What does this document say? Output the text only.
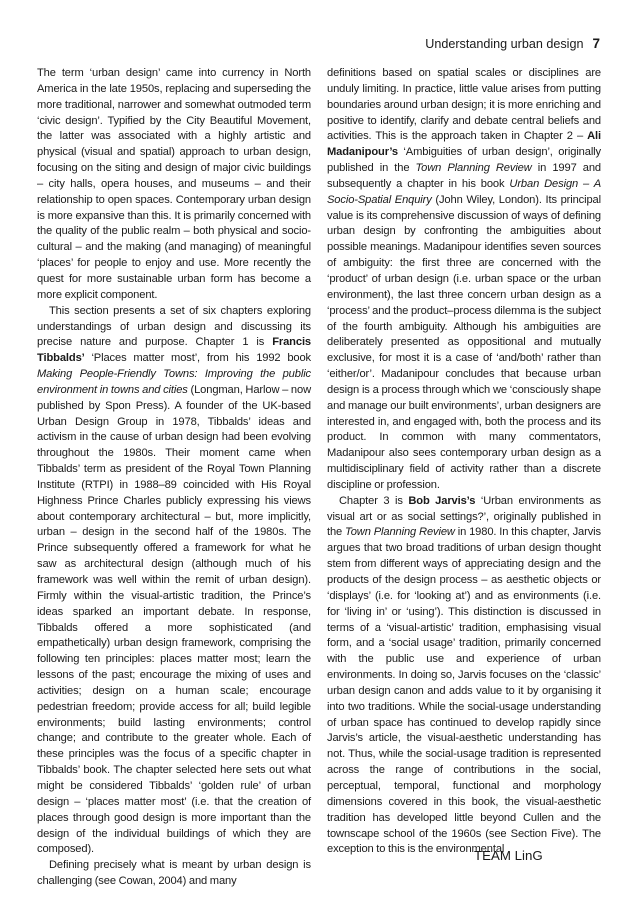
Understanding urban design 7

The term ‘urban design’ came into currency in North America in the late 1950s, replacing and superseding the more traditional, narrower and somewhat outmoded term ‘civic design’. Typified by the City Beautiful Movement, the latter was associated with a highly artistic and physical (visual and spatial) approach to urban design, focusing on the siting and design of major civic buildings – city halls, opera houses, and museums – and their relationship to open spaces. Contemporary urban design is more expansive than this. It is primarily concerned with the quality of the public realm – both physical and socio-cultural – and the making (and managing) of meaningful ‘places’ for people to enjoy and use. More recently the quest for more sustainable urban form has become a more explicit component.

This section presents a set of six chapters exploring understandings of urban design and discussing its precise nature and purpose. Chapter 1 is Francis Tibbalds’ ‘Places matter most’, from his 1992 book Making People-Friendly Towns: Improving the public environment in towns and cities (Longman, Harlow – now published by Spon Press). A founder of the UK-based Urban Design Group in 1978, Tibbalds’ ideas and activism in the cause of urban design had been evolving throughout the 1980s. Their moment came when Tibbalds’ term as president of the Royal Town Planning Institute (RTPI) in 1988–89 coincided with His Royal Highness Prince Charles publicly expressing his views about contemporary architectural – but, more implicitly, urban – design in the second half of the 1980s. The Prince subsequently offered a framework for what he saw as architectural design (although much of his framework was well within the remit of urban design). Firmly within the visual-artistic tradition, the Prince’s ideas sparked an important debate. In response, Tibbalds offered a more sophisticated (and empathetically) urban design framework, comprising the following ten principles: places matter most; learn the lessons of the past; encourage the mixing of uses and activities; design on a human scale; encourage pedestrian freedom; provide access for all; build legible environments; build lasting environments; control change; and contribute to the greater whole. Each of these principles was the focus of a specific chapter in Tibbalds’ book. The chapter selected here sets out what might be considered Tibbalds’ ‘golden rule’ of urban design – ‘places matter most’ (i.e. that the creation of places through good design is more important than the design of the individual buildings of which they are composed).

Defining precisely what is meant by urban design is challenging (see Cowan, 2004) and many

definitions based on spatial scales or disciplines are unduly limiting. In practice, little value arises from putting boundaries around urban design; it is more enriching and positive to identify, clarify and debate central beliefs and activities. This is the approach taken in Chapter 2 – Ali Madanipour’s ‘Ambiguities of urban design’, originally published in the Town Planning Review in 1997 and subsequently a chapter in his book Urban Design – A Socio-Spatial Enquiry (John Wiley, London). Its principal value is its comprehensive discussion of ways of defining urban design by confronting the ambiguities about possible meanings. Madanipour identifies seven sources of ambiguity: the first three are concerned with the ‘product’ of urban design (i.e. urban space or the urban environment), the last three concern urban design as a ‘process’ and the product–process dilemma is the subject of the fourth ambiguity. Although his ambiguities are deliberately presented as oppositional and mutually exclusive, for most it is a case of ‘and/both’ rather than ‘either/or’. Madanipour concludes that because urban design is a process through which we ‘consciously shape and manage our built environments’, urban designers are interested in, and engaged with, both the process and its product. In common with many commentators, Madanipour also sees contemporary urban design as a multidisciplinary field of activity rather than a discrete discipline or profession.

Chapter 3 is Bob Jarvis’s ‘Urban environments as visual art or as social settings?’, originally published in the Town Planning Review in 1980. In this chapter, Jarvis argues that two broad traditions of urban design thought stem from different ways of appreciating design and the products of the design process – as aesthetic objects or ‘displays’ (i.e. for ‘looking at’) and as environments (i.e. for ‘living in’ or ‘using’). This distinction is discussed in terms of a ‘visual-artistic’ tradition, emphasising visual form, and a ‘social usage’ tradition, primarily concerned with the public use and experience of urban environments. In doing so, Jarvis focuses on the ‘classic’ urban design canon and adds value to it by organising it into two traditions. While the social-usage understanding of urban space has continued to develop rapidly since Jarvis’s article, the visual-aesthetic understanding has not. Thus, while the social-usage tradition is represented across the range of contributions in the social, perceptual, temporal, functional and morphology dimensions covered in this book, the visual-aesthetic tradition has developed little beyond Cullen and the townscape school of the 1960s (see Section Five). The exception to this is the environmental

TEAM LinG
